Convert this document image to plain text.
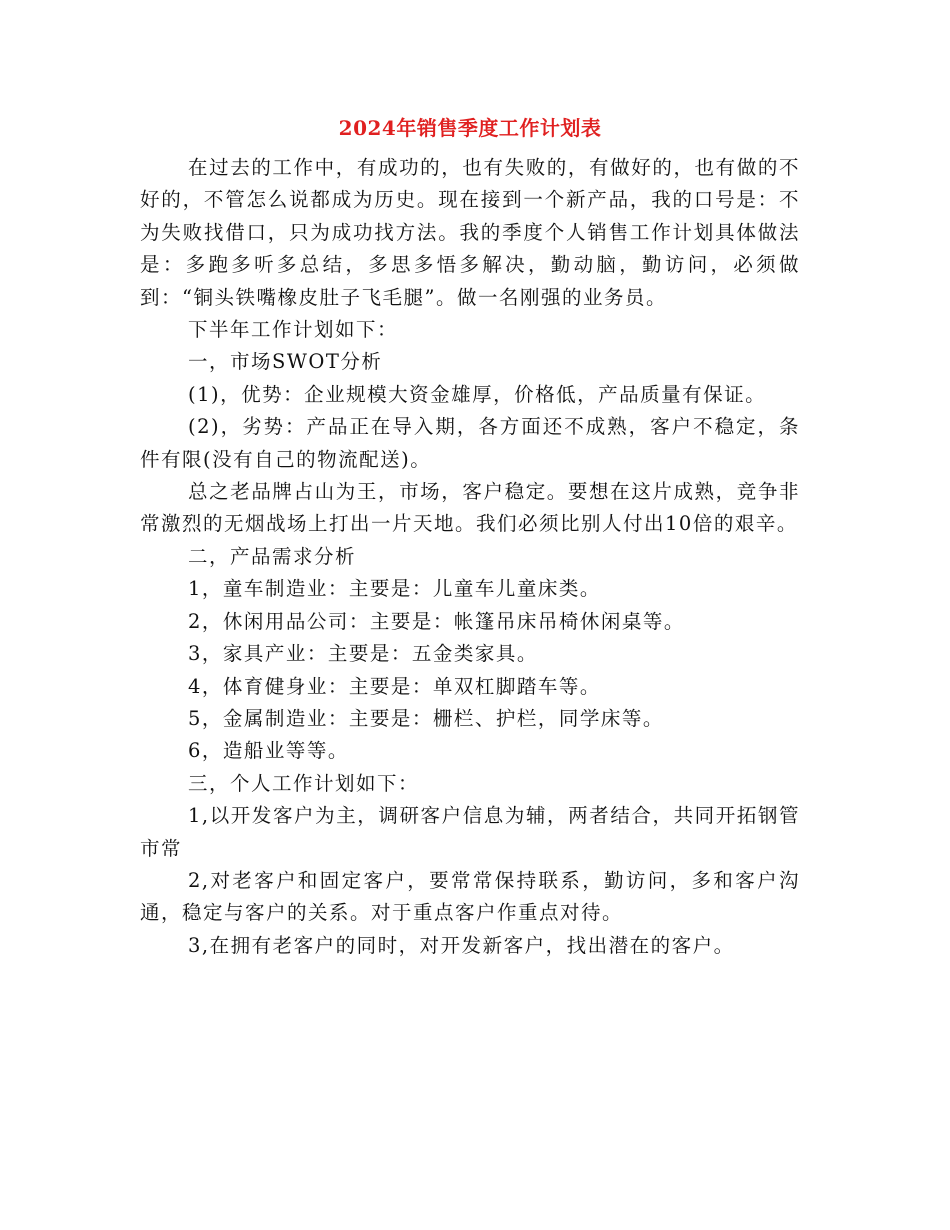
2024年销售季度工作计划表

在过去的工作中，有成功的，也有失败的，有做好的，也有做的不好的，不管怎么说都成为历史。现在接到一个新产品，我的口号是：不为失败找借口，只为成功找方法。我的季度个人销售工作计划具体做法是：多跑多听多总结，多思多悟多解决，勤动脑，勤访问，必须做到：“铜头铁嘴橡皮肚子飞毛腿”。做一名刚强的业务员。

下半年工作计划如下：

一，市场SWOT分析

(1)，优势：企业规模大资金雄厚，价格低，产品质量有保证。

(2)，劣势：产品正在导入期，各方面还不成熟，客户不稳定，条件有限(没有自己的物流配送)。

总之老品牌占山为王，市场，客户稳定。要想在这片成熟，竞争非常激烈的无烟战场上打出一片天地。我们必须比别人付出10倍的艰辛。

二，产品需求分析

1，童车制造业：主要是：儿童车儿童床类。

2，休闲用品公司：主要是：帐篷吊床吊椅休闲桌等。

3，家具产业：主要是：五金类家具。

4，体育健身业：主要是：单双杠脚踏车等。

5，金属制造业：主要是：栅栏、护栏，同学床等。

6，造船业等等。

三，个人工作计划如下：

1,以开发客户为主，调研客户信息为辅，两者结合，共同开拓钢管市常

2,对老客户和固定客户，要常常保持联系，勤访问，多和客户沟通，稳定与客户的关系。对于重点客户作重点对待。

3,在拥有老客户的同时，对开发新客户，找出潜在的客户。
